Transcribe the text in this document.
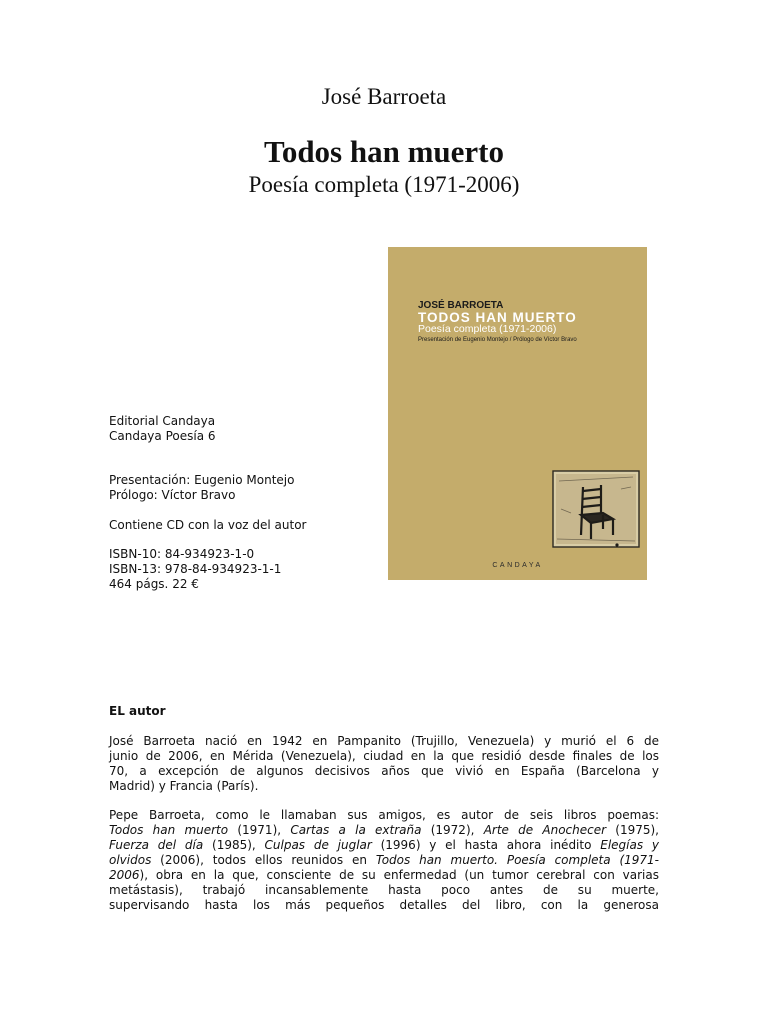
José Barroeta
Todos han muerto
Poesía completa (1971-2006)
JOSÉ BARROETA
TODOS HAN MUERTO
Poesía completa (1971-2006)
Presentación de Eugenio Montejo / Prólogo de Víctor Bravo
CANDAYA
Editorial Candaya
Candaya Poesía 6
Presentación: Eugenio Montejo
Prólogo: Víctor Bravo
Contiene CD con la voz del autor
ISBN-10: 84-934923-1-0
ISBN-13: 978-84-934923-1-1
464 págs. 22 €
EL autor
José Barroeta nació en 1942 en Pampanito (Trujillo, Venezuela) y murió el 6 de
junio de 2006, en Mérida (Venezuela), ciudad en la que residió desde finales de los
70, a excepción de algunos decisivos años que vivió en España (Barcelona y
Madrid) y Francia (París).
Pepe Barroeta, como le llamaban sus amigos, es autor de seis libros poemas:
Todos han muerto (1971), Cartas a la extraña (1972), Arte de Anochecer (1975),
Fuerza del día (1985), Culpas de juglar (1996) y el hasta ahora inédito Elegías y
olvidos (2006), todos ellos reunidos en Todos han muerto. Poesía completa (1971-
2006), obra en la que, consciente de su enfermedad (un tumor cerebral con varias
metástasis), trabajó incansablemente hasta poco antes de su muerte,
supervisando hasta los más pequeños detalles del libro, con la generosa
